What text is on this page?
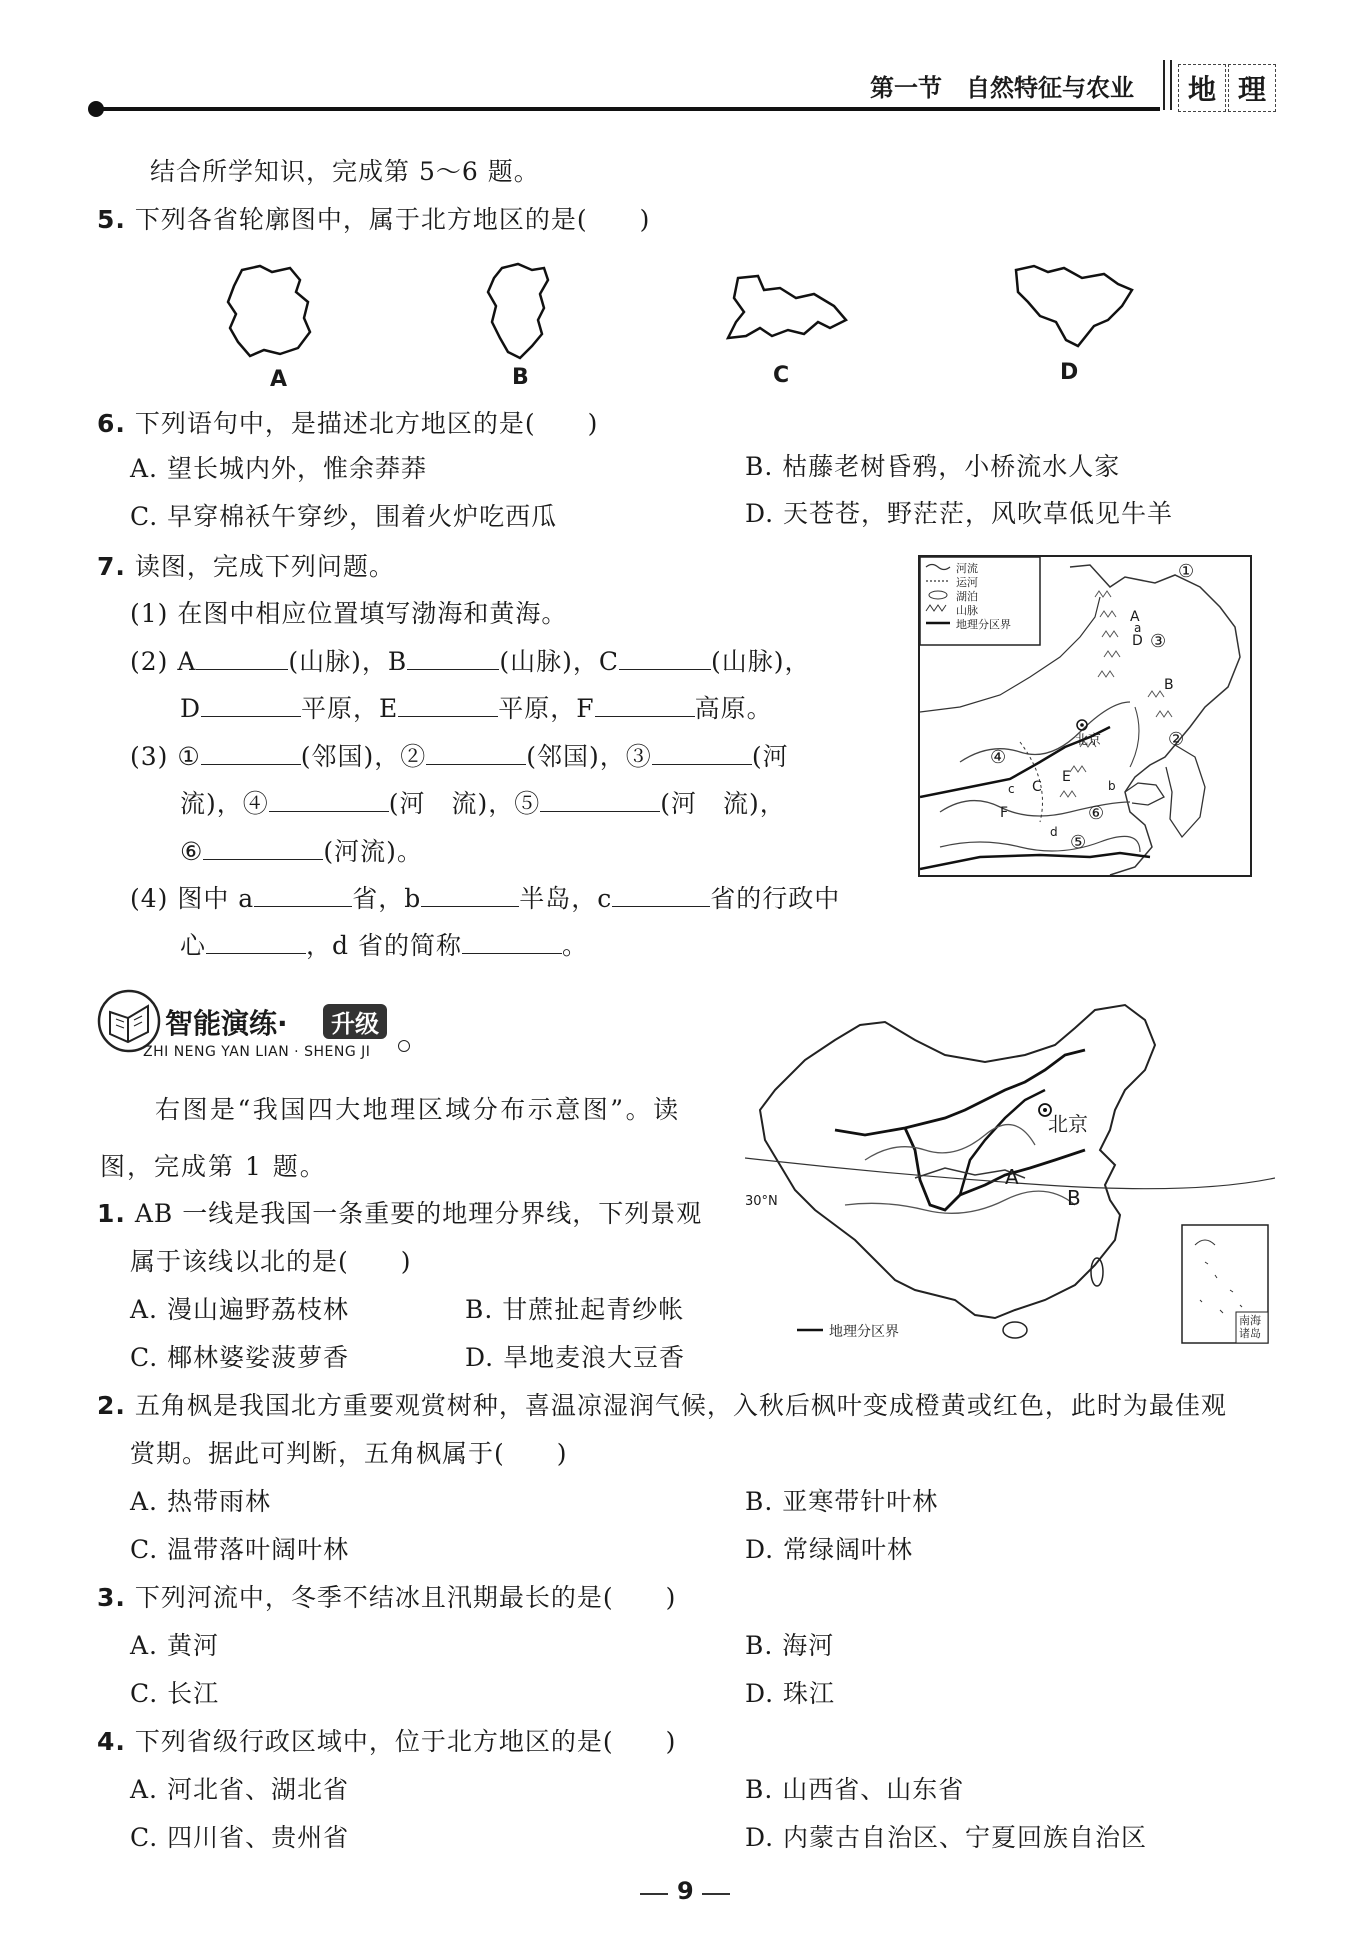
第一节　自然特征与农业	地 理
结合所学知识，完成第 5～6 题。
5. 下列各省轮廓图中，属于北方地区的是(　　)
A	B	C	D
6. 下列语句中，是描述北方地区的是(　　)
A. 望长城内外，惟余莽莽	B. 枯藤老树昏鸦，小桥流水人家
C. 早穿棉袄午穿纱，围着火炉吃西瓜	D. 天苍苍，野茫茫，风吹草低见牛羊
7. 读图，完成下列问题。
(1) 在图中相应位置填写渤海和黄海。
(2) A	(山脉)，B	(山脉)，C	(山脉)，
D	平原，E	平原，F	高原。
(3) ①	(邻国)，②	(邻国)，③	(河
流)，④	(河　流)，⑤	(河　流)，
⑥	(河流)。
(4) 图中 a	省，b	半岛，c	省的行政中
心	，d 省的简称	。
河流
运河
湖泊
山脉
地理分区界
北京
①
②
③
④
⑤
⑥
A
a
D
B
C
E
F
b
c
d
智能演练·	升级
ZHI NENG YAN LIAN · SHENG JI
右图是“我国四大地理区域分布示意图”。读
图，完成第 1 题。
北京
A
B
30°N
地理分区界
南海诸岛
1. AB 一线是我国一条重要的地理分界线，下列景观
属于该线以北的是(　　)
A. 漫山遍野荔枝林	B. 甘蔗扯起青纱帐
C. 椰林婆娑菠萝香	D. 旱地麦浪大豆香
2. 五角枫是我国北方重要观赏树种，喜温凉湿润气候，入秋后枫叶变成橙黄或红色，此时为最佳观
赏期。据此可判断，五角枫属于(　　)
A. 热带雨林	B. 亚寒带针叶林
C. 温带落叶阔叶林	D. 常绿阔叶林
3. 下列河流中，冬季不结冰且汛期最长的是(　　)
A. 黄河	B. 海河
C. 长江	D. 珠江
4. 下列省级行政区域中，位于北方地区的是(　　)
A. 河北省、湖北省	B. 山西省、山东省
C. 四川省、贵州省	D. 内蒙古自治区、宁夏回族自治区
9
